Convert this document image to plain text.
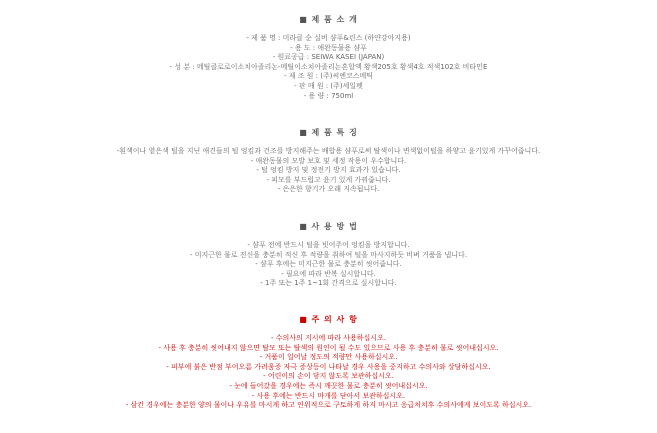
■ 제 품 소 개
- 제 품 명 : 미라클 순 실버 샴푸&린스 (하얀강아지용)
- 용 도 : 애완동물용 샴푸
- 원료공급 : SEIWA KASEI (JAPAN)
- 성 분 : 메틸클로로이소치아졸리논-메틸이소치아졸리논혼합액 황색205호 황색4호 적색102호 비타민E
- 제 조 원 : (주)씨엔코스메틱
- 판 매 원 : (주)세일펫
- 용 량 : 750ml
■ 제 품 특 징
-흰색이나 옅은색 털을 지닌 애견들의 털 엉킴과 건조를 방지해주는 배합용 샴푸로써 탈색이나 변색없이털을 하얗고 윤기있게 가꾸어줍니다.
- 애완동물의 모발 보호 및 세정 작용이 우수합니다.
- 털 엉킴 방지 및 정전기 방지 효과가 있습니다.
- 피모를 부드럽고 윤기 있게 가꿔줍니다.
- 은은한 향기가 오래 지속됩니다.
■ 사 용 방 법
- 샴푸 전에 반드시 털을 빗어주어 엉킴을 방지합니다.
- 미지근한 물로 전신을 충분히 적신 후 적량을 취하여 털을 마사지하듯 비벼 거품을 냅니다.
- 샴푸 후에는 미지근한 물로 충분히 씻어줍니다.
- 필요에 따라 반복 실시합니다.
- 1주 또는 1주 1~1회 간격으로 실시합니다.
■ 주 의 사 항
- 수의사의 지시에 따라 사용하십시오.
- 사용 후 충분히 씻어내지 않으면 탈모 또는 탈색의 원인이 될 수도 있으므로 사용 후 충분히 물로 씻어내십시오.
- 거품이 일어날 정도의 적량만 사용하십시오.
- 피부에 붉은 반점 부어오름 가려움증 자극 증상등이 나타날 경우 사용을 중지하고 수의사와 상담하십시오.
- 어린이의 손이 닿지 않도록 보관하십시오.
- 눈에 들어갔을 경우에는 즉시 깨끗한 물로 충분히 씻어내십시오.
- 사용 후에는 반드시 마개를 닫아서 보관하십시오.
- 삼킨 경우에는 충분한 양의 물이나 우유를 마시게 하고 인위적으로 구토하게 하지 마시고 응급처치후 수의사에게 보이도록 하십시오.
